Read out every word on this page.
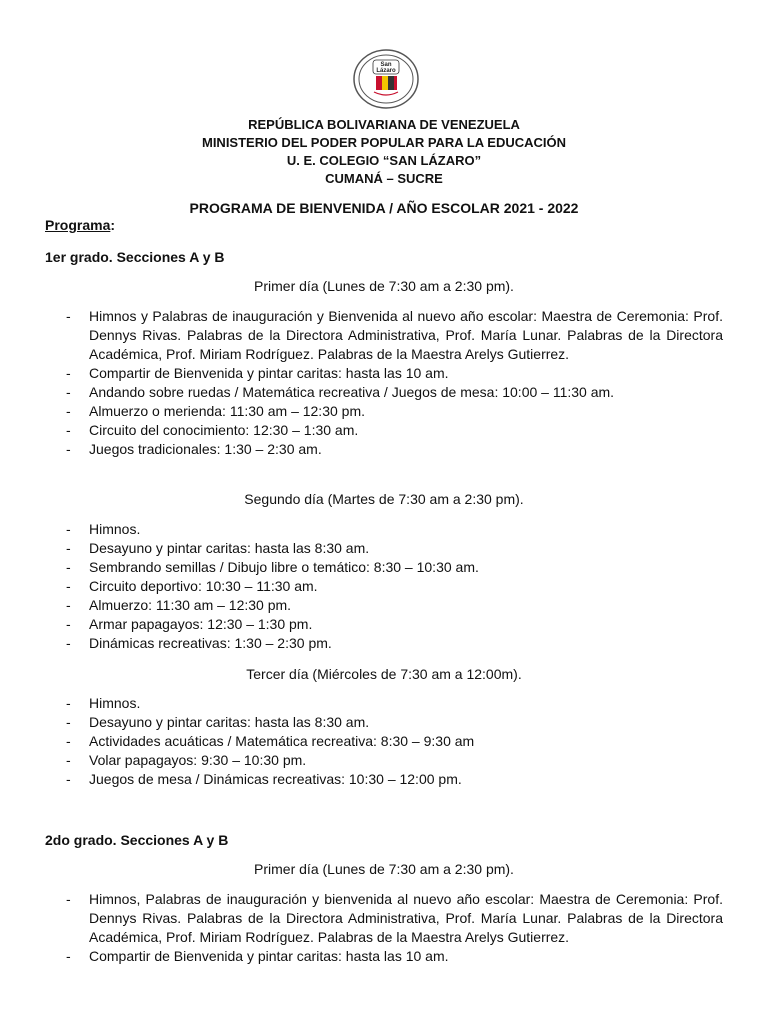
San
Lázaro
REPÚBLICA BOLIVARIANA DE VENEZUELA
MINISTERIO DEL PODER POPULAR PARA LA EDUCACIÓN
U. E. COLEGIO “SAN LÁZARO”
CUMANÁ – SUCRE
PROGRAMA DE BIENVENIDA / AÑO ESCOLAR 2021 - 2022
Programa:
1er grado. Secciones A y B
Primer día (Lunes de 7:30 am a 2:30 pm).
- Himnos y Palabras de inauguración y Bienvenida al nuevo año escolar: Maestra de Ceremonia: Prof. Dennys Rivas. Palabras de la Directora Administrativa, Prof. María Lunar. Palabras de la Directora Académica, Prof. Miriam Rodríguez. Palabras de la Maestra Arelys Gutierrez.
- Compartir de Bienvenida y pintar caritas: hasta las 10 am.
- Andando sobre ruedas / Matemática recreativa / Juegos de mesa: 10:00 – 11:30 am.
- Almuerzo o merienda: 11:30 am – 12:30 pm.
- Circuito del conocimiento: 12:30 – 1:30 am.
- Juegos tradicionales: 1:30 – 2:30 am.
Segundo día (Martes de 7:30 am a 2:30 pm).
- Himnos.
- Desayuno y pintar caritas: hasta las 8:30 am.
- Sembrando semillas / Dibujo libre o temático: 8:30 – 10:30 am.
- Circuito deportivo: 10:30 – 11:30 am.
- Almuerzo: 11:30 am – 12:30 pm.
- Armar papagayos: 12:30 – 1:30 pm.
- Dinámicas recreativas: 1:30 – 2:30 pm.
Tercer día (Miércoles de 7:30 am a 12:00m).
- Himnos.
- Desayuno y pintar caritas: hasta las 8:30 am.
- Actividades acuáticas / Matemática recreativa: 8:30 – 9:30 am
- Volar papagayos: 9:30 – 10:30 pm.
- Juegos de mesa / Dinámicas recreativas: 10:30 – 12:00 pm.
2do grado. Secciones A y B
Primer día (Lunes de 7:30 am a 2:30 pm).
- Himnos, Palabras de inauguración y bienvenida al nuevo año escolar: Maestra de Ceremonia: Prof. Dennys Rivas. Palabras de la Directora Administrativa, Prof. María Lunar. Palabras de la Directora Académica, Prof. Miriam Rodríguez. Palabras de la Maestra Arelys Gutierrez.
- Compartir de Bienvenida y pintar caritas: hasta las 10 am.
